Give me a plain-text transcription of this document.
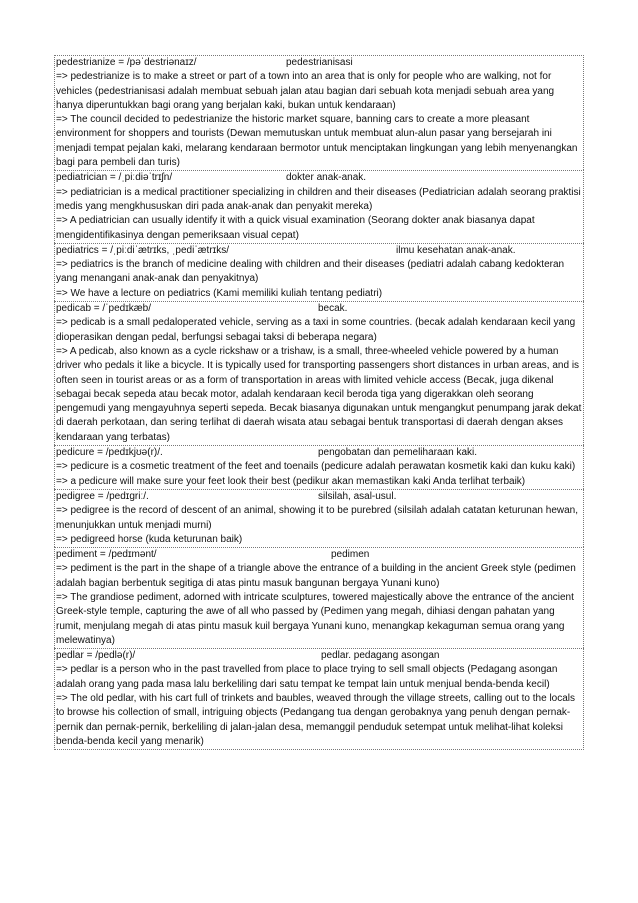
pedestrianize = /pəˈdestriənaɪz/	pedestrianisasi
=> pedestrianize is to make a street or part of a town into an area that is only for people who are walking, not for vehicles (pedestrianisasi adalah membuat sebuah jalan atau bagian dari sebuah kota menjadi sebuah area yang hanya diperuntukkan bagi orang yang berjalan kaki, bukan untuk kendaraan)
=> The council decided to pedestrianize the historic market square, banning cars to create a more pleasant environment for shoppers and tourists (Dewan memutuskan untuk membuat alun-alun pasar yang bersejarah ini menjadi tempat pejalan kaki, melarang kendaraan bermotor untuk menciptakan lingkungan yang lebih menyenangkan bagi para pembeli dan turis)
pediatrician = /ˌpiːdiəˈtrɪʃn/	dokter anak-anak.
=> pediatrician is a medical practitioner specializing in children and their diseases (Pediatrician adalah seorang praktisi medis yang mengkhususkan diri pada anak-anak dan penyakit mereka)
=> A pediatrician can usually identify it with a quick visual examination (Seorang dokter anak biasanya dapat mengidentifikasinya dengan pemeriksaan visual cepat)
pediatrics = /ˌpiːdiˈætrɪks, ˌpediˈætrɪks/	ilmu kesehatan anak-anak.
=> pediatrics is the branch of medicine dealing with children and their diseases (pediatri adalah cabang kedokteran yang menangani anak-anak dan penyakitnya)
=> We have a lecture on pediatrics (Kami memiliki kuliah tentang pediatri)
pedicab = /ˈpedɪkæb/	becak.
=> pedicab is a small pedaloperated vehicle, serving as a taxi in some countries. (becak adalah kendaraan kecil yang dioperasikan dengan pedal, berfungsi sebagai taksi di beberapa negara)
=> A pedicab, also known as a cycle rickshaw or a trishaw, is a small, three-wheeled vehicle powered by a human driver who pedals it like a bicycle. It is typically used for transporting passengers short distances in urban areas, and is often seen in tourist areas or as a form of transportation in areas with limited vehicle access (Becak, juga dikenal sebagai becak sepeda atau becak motor, adalah kendaraan kecil beroda tiga yang digerakkan oleh seorang pengemudi yang mengayuhnya seperti sepeda. Becak biasanya digunakan untuk mengangkut penumpang jarak dekat di daerah perkotaan, dan sering terlihat di daerah wisata atau sebagai bentuk transportasi di daerah dengan akses kendaraan yang terbatas)
pedicure = /pedɪkjʊə(r)/.	pengobatan dan pemeliharaan kaki.
=> pedicure is a cosmetic treatment of the feet and toenails (pedicure adalah perawatan kosmetik kaki dan kuku kaki)
=> a pedicure will make sure your feet look their best (pedikur akan memastikan kaki Anda terlihat terbaik)
pedigree = /pedɪgriː/.	silsilah, asal-usul.
=> pedigree is the record of descent of an animal, showing it to be purebred (silsilah adalah catatan keturunan hewan, menunjukkan untuk menjadi murni)
=> pedigreed horse (kuda keturunan baik)
pediment = /pedɪmənt/	pedimen
=> pediment is the part in the shape of a triangle above the entrance of a building in the ancient Greek style (pedimen adalah bagian berbentuk segitiga di atas pintu masuk bangunan bergaya Yunani kuno)
=> The grandiose pediment, adorned with intricate sculptures, towered majestically above the entrance of the ancient Greek-style temple, capturing the awe of all who passed by (Pedimen yang megah, dihiasi dengan pahatan yang rumit, menjulang megah di atas pintu masuk kuil bergaya Yunani kuno, menangkap kekaguman semua orang yang melewatinya)
pedlar = /pedlə(r)/	pedlar. pedagang asongan
=> pedlar is a person who in the past travelled from place to place trying to sell small objects (Pedagang asongan adalah orang yang pada masa lalu berkeliling dari satu tempat ke tempat lain untuk menjual benda-benda kecil)
=> The old pedlar, with his cart full of trinkets and baubles, weaved through the village streets, calling out to the locals to browse his collection of small, intriguing objects (Pedangang tua dengan gerobaknya yang penuh dengan pernak-pernik dan pernak-pernik, berkeliling di jalan-jalan desa, memanggil penduduk setempat untuk melihat-lihat koleksi benda-benda kecil yang menarik)
